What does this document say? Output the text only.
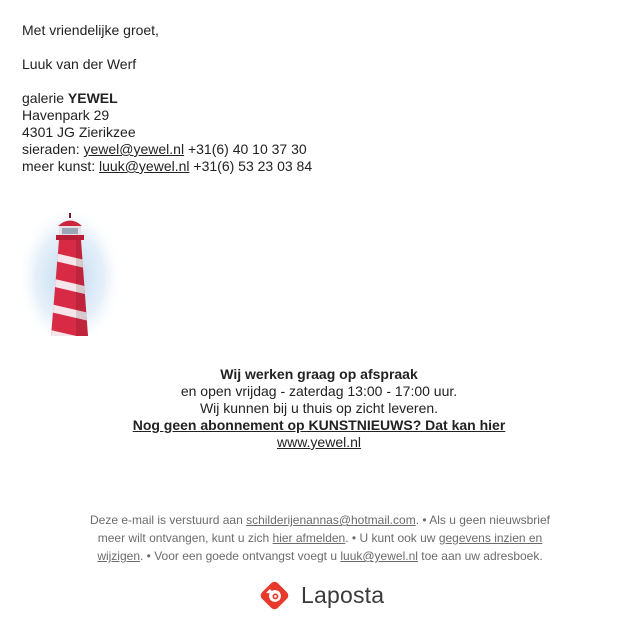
Met vriendelijke groet,

Luuk van der Werf

galerie YEWEL

Havenpark 29

4301 JG Zierikzee

sieraden: yewel@yewel.nl +31(6) 40 10 37 30

meer kunst: luuk@yewel.nl +31(6) 53 23 03 84

Wij werken graag op afspraak

en open vrijdag - zaterdag 13:00 - 17:00 uur.

Wij kunnen bij u thuis op zicht leveren.

Nog geen abonnement op KUNSTNIEUWS? Dat kan hier

www.yewel.nl

Deze e-mail is verstuurd aan schilderijenannas@hotmail.com. • Als u geen nieuwsbrief meer wilt ontvangen, kunt u zich hier afmelden. • U kunt ook uw gegevens inzien en wijzigen. • Voor een goede ontvangst voegt u luuk@yewel.nl toe aan uw adresboek.
Laposta
